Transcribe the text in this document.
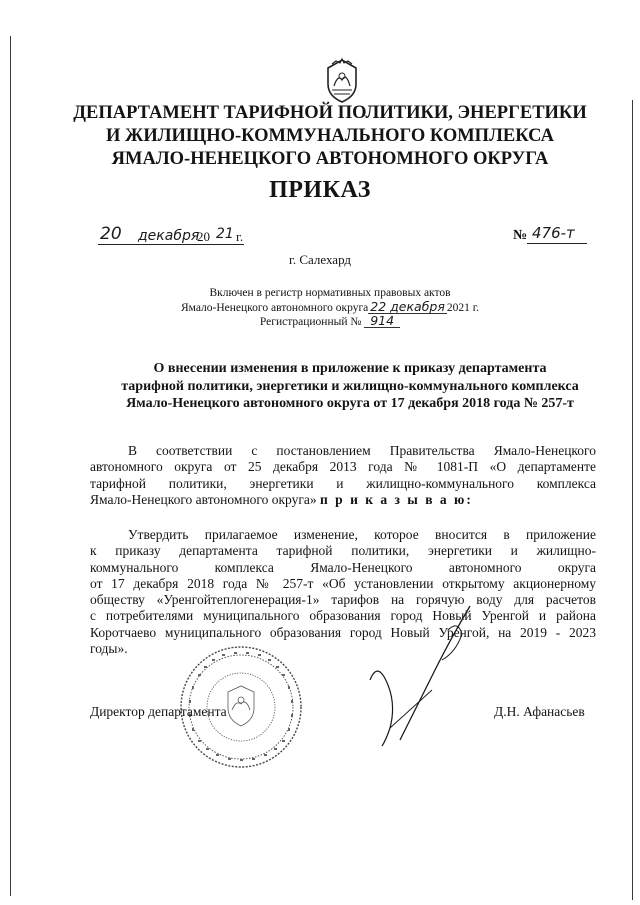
ДЕПАРТАМЕНТ ТАРИФНОЙ ПОЛИТИКИ, ЭНЕРГЕТИКИ
И ЖИЛИЩНО-КОММУНАЛЬНОГО КОМПЛЕКСА
ЯМАЛО-НЕНЕЦКОГО АВТОНОМНОГО ОКРУГА
ПРИКАЗ
20 декабря
20 21 г.	№ 476-т
г. Салехард
Включен в регистр нормативных правовых актов
Ямало-Ненецкого автономного округа 22 декабря 2021 г.
Регистрационный № 914
О внесении изменения в приложение к приказу департамента
тарифной политики, энергетики и жилищно-коммунального комплекса
Ямало-Ненецкого автономного округа от 17 декабря 2018 года № 257-т
В соответствии с постановлением Правительства Ямало-Ненецкого
автономного округа от 25 декабря 2013 года № 1081-П «О департаменте
тарифной политики, энергетики и жилищно-коммунального комплекса
Ямало-Ненецкого автономного округа» п р и к а з ы в а ю:
Утвердить прилагаемое изменение, которое вносится в приложение
к приказу департамента тарифной политики, энергетики и жилищно-
коммунального комплекса Ямало-Ненецкого автономного округа
от 17 декабря 2018 года № 257-т «Об установлении открытому акционерному
обществу «Уренгойтеплогенерация-1» тарифов на горячую воду для расчетов
с потребителями муниципального образования город Новый Уренгой и района
Коротчаево муниципального образования город Новый Уренгой, на 2019 - 2023
годы».
Директор департамента	Д.Н. Афанасьев
